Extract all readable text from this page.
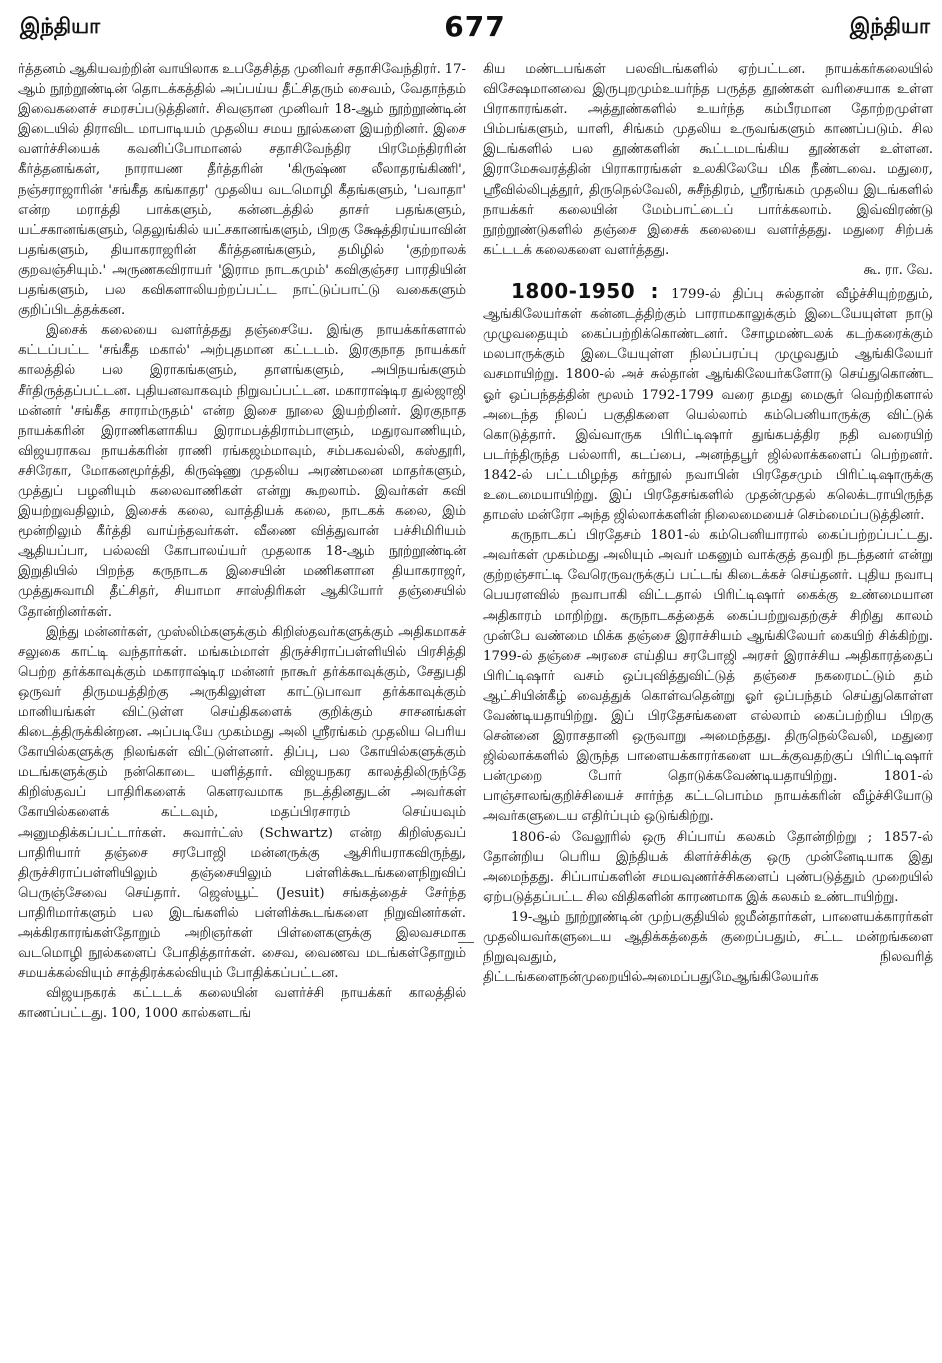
இந்தியா	677	இந்தியா

ர்த்தனம் ஆகியவற்றின் வாயிலாக உபதேசித்த முனிவர் சதாசிவேந்திரர். 17-ஆம் நூற்றூண்டின் தொடக்கத்தில் அப்பய்ய தீட்சிதரும் சைவம், வேதாந்தம் இவைகளைச் சமரசப்படுத்தினர். சிவஞான முனிவர் 18-ஆம் நூற்றூண்டின் இடையில் திராவிட மாபாடியம் முதலிய சமய நூல்களை இயற்றினர். இசை வளர்ச்சியைக் கவனிப்போமானல் சதாசிவேந்திர பிரமேந்திரரின் கீர்த்தனங்கள், நாராயண தீர்த்தரின் 'கிருஷ்ண லீலாதரங்கிணி', நஞ்சராஜாரின் 'சங்கீத கங்காதர' முதலிய வடமொழி கீதங்களும், 'பவாதா' என்ற மராத்தி பாக்களும், கன்னடத்தில் தாசர் பதங்களும், யட்சகானங்களும், தெலுங்கில் யட்சகானங்களும், பிறகு க்ஷேத்திரய்யாவின் பதங்களும், தியாகராஜரின் கீர்த்தனங்களும், தமிழில் 'குற்றாலக் குறவஞ்சியும்.' அருணகவிராயர் 'இராம நாடகமும்' கவிகுஞ்சர பாரதியின் பதங்களும், பல கவிகளாலியற்றப்பட்ட நாட்டுப்பாட்டு வகைகளும் குறிப்பிடத்தக்கன.

இசைக் கலையை வளர்த்தது தஞ்சையே. இங்கு நாயக்கர்களால் கட்டப்பட்ட 'சங்கீத மகால்' அற்புதமான கட்டடம். இரகுநாத நாயக்கர் காலத்தில் பல இராகங்களும், தாளங்களும், அபிநயங்களும் சீர்திருத்தப்பட்டன. புதியனவாகவும் நிறுவப்பட்டன. மகாராஷ்டிர துல்ஜாஜி மன்னர் 'சங்கீத சாராம்ருதம்' என்ற இசை நூலை இயற்றினர். இரகுநாத நாயக்கரின் இராணிகளாகிய இராமபத்திராம்பாளும், மதுரவாணியும், விஜயராகவ நாயக்கரின் ராணி ரங்கஜம்மாவும், சம்பகவல்லி, கஸ்தூரி, சசிரேகா, மோகனமூர்த்தி, கிருஷ்ணு முதலிய அரண்மனை மாதர்களும், முத்துப் பழனியும் கலைவாணிகள் என்று கூறலாம். இவர்கள் கவி இயற்றுவதிலும், இசைக் கலை, வாத்தியக் கலை, நாடகக் கலை, இம் மூன்றிலும் கீர்த்தி வாய்ந்தவர்கள். வீணை வித்துவான் பச்சிமிரியம் ஆதியப்பா, பல்லவி கோபாலய்யர் முதலாக 18-ஆம் நூற்றூண்டின் இறுதியில் பிறந்த கருநாடக இசையின் மணிகளான தியாகராஜர், முத்துசுவாமி தீட்சிதர், சியாமா சாஸ்திரிகள் ஆகியோர் தஞ்சையில் தோன்றினர்கள்.

இந்து மன்னர்கள், முஸ்லிம்களுக்கும் கிறிஸ்தவர்களுக்கும் அதிகமாகச் சலுகை காட்டி வந்தார்கள். மங்கம்மாள் திருச்சிராப்பள்ளியில் பிரசித்தி பெற்ற தர்க்காவுக்கும் மகாராஷ்டிர மன்னர் நாகூர் தர்க்காவுக்கும், சேதுபதி ஒருவர் திருமயத்திற்கு அருகிலுள்ள காட்டுபாவா தர்க்காவுக்கும் மானியங்கள் விட்டுள்ள செய்திகளைக் குறிக்கும் சாசனங்கள் கிடைத்திருக்கின்றன. அப்படியே முகம்மது அலி ஸ்ரீரங்கம் முதலிய பெரிய கோயில்களுக்கு நிலங்கள் விட்டுள்ளனர். திப்பு, பல கோயில்களுக்கும் மடங்களுக்கும் நன்கொடை யளித்தார். விஜயநகர காலத்திலிருந்தே கிறிஸ்தவப் பாதிரிகளைக் கௌரவமாக நடத்தினதுடன் அவர்கள் கோயில்களைக் கட்டவும், மதப்பிரசாரம் செய்யவும் அனுமதிக்கப்பட்டார்கள். சுவார்ட்ஸ் (Schwartz) என்ற கிறிஸ்தவப் பாதிரியார் தஞ்சை சரபோஜி மன்னருக்கு ஆசிரியராகவிருந்து, திருச்சிராப்பள்ளியிலும் தஞ்சையிலும் பள்ளிக்கூடங்களைநிறுவிப் பெருஞ்சேவை செய்தார். ஜெஸ்யூட் (Jesuit) சங்கத்தைச் சேர்ந்த பாதிரிமார்களும் பல இடங்களில் பள்ளிக்கூடங்களை நிறுவினர்கள். அக்கிரகாரங்கள்தோறும் அறிஞர்கள் பிள்ளைகளுக்கு இலவசமாக வடமொழி நூல்களைப் போதித்தார்கள். சைவ, வைணவ மடங்கள்தோறும் சமயக்கல்வியும் சாத்திரக்கல்வியும் போதிக்கப்பட்டன.

விஜயநகரக் கட்டடக் கலையின் வளர்ச்சி நாயக்கர் காலத்தில் காணப்பட்டது. 100, 1000 கால்களடங்

கிய மண்டபங்கள் பலவிடங்களில் ஏற்பட்டன. நாயக்கர்கலையில் விசேஷமானவை இருபுறமும்உயர்ந்த பருத்த தூண்கள் வரிசையாக உள்ள பிராகாரங்கள். அத்தூண்களில் உயர்ந்த கம்பீரமான தோற்றமுள்ள பிம்பங்களும், யாளி, சிங்கம் முதலிய உருவங்களும் காணப்படும். சில இடங்களில் பல தூண்களின் கூட்டமடங்கிய தூண்கள் உள்ளன. இராமேசுவரத்தின் பிராகாரங்கள் உலகிலேயே மிக நீண்டவை. மதுரை, ஸ்ரீவில்லிபுத்தூர், திருநெல்வேலி, சுசீந்திரம், ஸ்ரீரங்கம் முதலிய இடங்களில் நாயக்கர் கலையின் மேம்பாட்டைப் பார்க்கலாம். இவ்விரண்டு நூற்றூண்டுகளில் தஞ்சை இசைக் கலையை வளர்த்தது. மதுரை சிற்பக் கட்டடக் கலைகளை வளர்த்தது.

கூ. ரா. வே.

1800-1950 : 1799-ல் திப்பு சுல்தான் வீழ்ச்சியுற்றதும், ஆங்கிலேயர்கள் கன்னடத்திற்கும் பாராமகாலுக்கும் இடையேயுள்ள நாடு முழுவதையும் கைப்பற்றிக்கொண்டனர். சோழமண்டலக் கடற்கரைக்கும் மலபாருக்கும் இடையேயுள்ள நிலப்பரப்பு முழுவதும் ஆங்கிலேயர் வசமாயிற்று. 1800-ல் அச் சுல்தான் ஆங்கிலேயர்களோடு செய்துகொண்ட ஓர் ஒப்பந்தத்தின் மூலம் 1792-1799 வரை தமது மைசூர் வெற்றிகளால் அடைந்த நிலப் பகுதிகளை யெல்லாம் கம்பெனியாருக்கு விட்டுக் கொடுத்தார். இவ்வாருக பிரிட்டிஷார் துங்கபத்திர நதி வரையிற் படர்ந்திருந்த பல்லாரி, கடப்பை, அனந்தபூர் ஜில்லாக்களைப் பெற்றனர். 1842-ல் பட்டமிழந்த கர்நூல் நவாபின் பிரதேசமும் பிரிட்டிஷாருக்கு உடைமையாயிற்று. இப் பிரதேசங்களில் முதன்முதல் கலெக்டராயிருந்த தாமஸ் மன்ரோ அந்த ஜில்லாக்களின் நிலைமையைச் செம்மைப்படுத்தினர்.

கருநாடகப் பிரதேசம் 1801-ல் கம்பெனியாரால் கைப்பற்றப்பட்டது. அவர்கள் முகம்மது அலியும் அவர் மகனும் வாக்குத் தவறி நடந்தனர் என்று குற்றஞ்சாட்டி வேரெருவருக்குப் பட்டங் கிடைக்கச் செய்தனர். புதிய நவாபு பெயரளவில் நவாபாகி விட்டதால் பிரிட்டிஷார் கைக்கு உண்மையான அதிகாரம் மாறிற்று. கருநாடகத்தைக் கைப்பற்றுவதற்குச் சிறிது காலம் முன்பே வண்மை மிக்க தஞ்சை இராச்சியம் ஆங்கிலேயர் கையிற் சிக்கிற்று. 1799-ல் தஞ்சை அரசை எய்திய சரபோஜி அரசர் இராச்சிய அதிகாரத்தைப் பிரிட்டிஷார் வசம் ஒப்புவித்துவிட்டுத் தஞ்சை நகரைமட்டும் தம் ஆட்சியின்கீழ் வைத்துக் கொள்வதென்று ஓர் ஒப்பந்தம் செய்துகொள்ள வேண்டியதாயிற்று. இப் பிரதேசங்களை எல்லாம் கைப்பற்றிய பிறகு சென்னை இராசதானி ஒருவாறு அமைந்தது. திருநெல்வேலி, மதுரை ஜில்லாக்களில் இருந்த பாளையக்காரர்களை யடக்குவதற்குப் பிரிட்டிஷார் பன்முறை போர் தொடுக்கவேண்டியதாயிற்று. 1801-ல் பாஞ்சாலங்குறிச்சியைச் சார்ந்த கட்டபொம்ம நாயக்கரின் வீழ்ச்சியோடு அவர்களுடைய எதிர்ப்பும் ஒடுங்கிற்று.

1806-ல் வேலூரில் ஒரு சிப்பாய் கலகம் தோன்றிற்று ; 1857-ல் தோன்றிய பெரிய இந்தியக் கிளர்ச்சிக்கு ஒரு முன்னேடியாக இது அமைந்தது. சிப்பாய்களின் சமயவுணர்ச்சிகளைப் புண்படுத்தும் முறையில் ஏற்படுத்தப்பட்ட சில விதிகளின் காரணமாக இக் கலகம் உண்டாயிற்று.

19-ஆம் நூற்றூண்டின் முற்பகுதியில் ஜமீன்தார்கள், பாளையக்காரர்கள் முதலியவர்களுடைய ஆதிக்கத்தைக் குறைப்பதும், சட்ட மன்றங்களை நிறுவுவதும், நிலவரித் திட்டங்களைநன்முறையில்அமைப்பதுமேஆங்கிலேயர்க
